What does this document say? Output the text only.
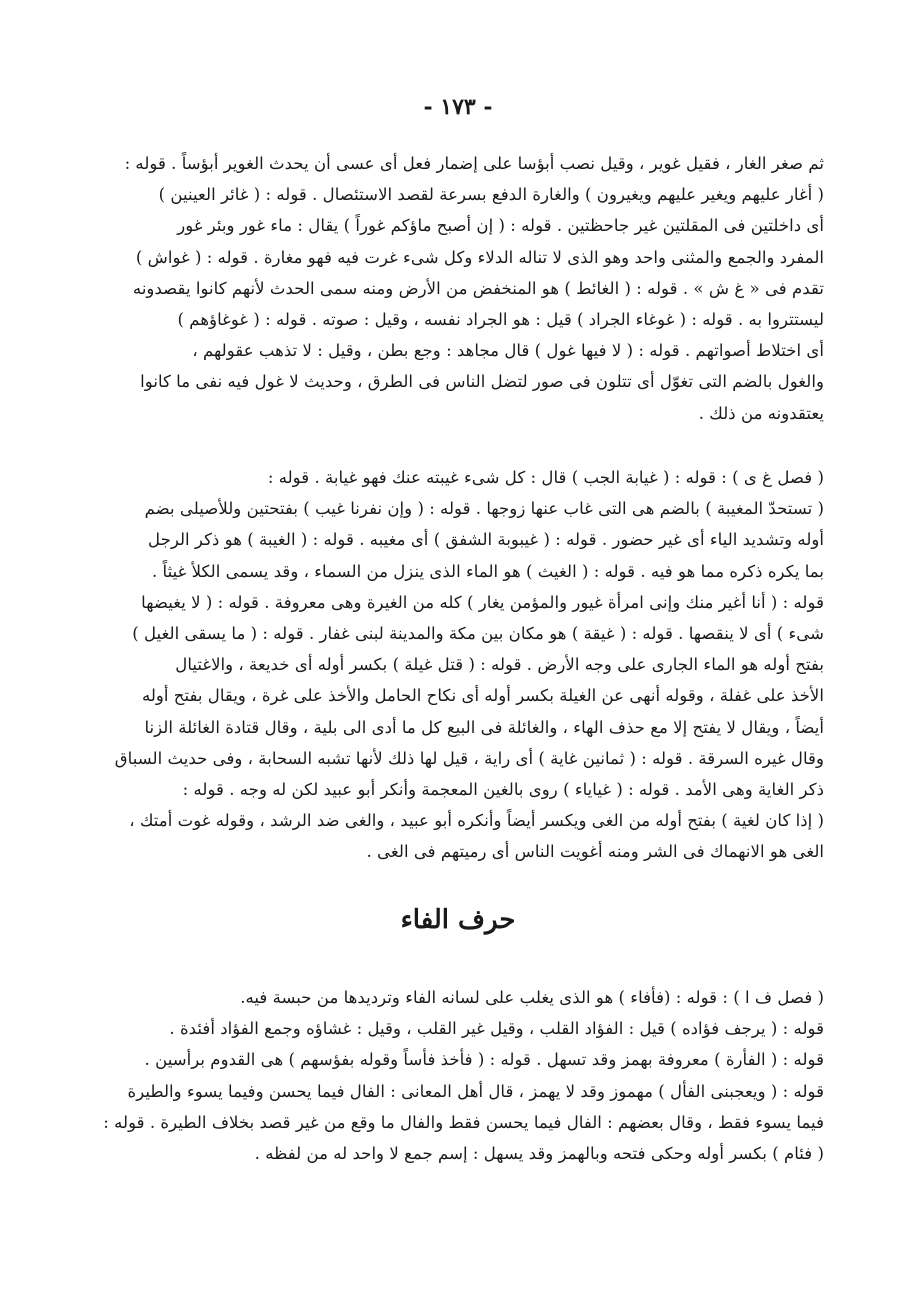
- ١٧٣ -
ثم صغر الغار ، فقيل غوير ، وقيل نصب أبؤسا على إضمار فعل أى عسى أن يحدث الغوير أبؤساً . قوله :
( أغار عليهم ويغير عليهم ويغيرون ) والغارة الدفع بسرعة لقصد الاستئصال . قوله : ( غائر العينين )
أى داخلتين فى المقلتين غير جاحظتين . قوله : ( إن أصبح ماؤكم غوراً ) يقال : ماء غور وبئر غور
المفرد والجمع والمثنى واحد وهو الذى لا تناله الدلاء وكل شىء غرت فيه فهو مغارة . قوله : ( غواش )
تقدم فى « غ ش » . قوله : ( الغائط ) هو المنخفض من الأرض ومنه سمى الحدث لأنهم كانوا يقصدونه
ليستتروا به . قوله : ( غوغاء الجراد ) قيل : هو الجراد نفسه ، وقيل : صوته . قوله : ( غوغاؤهم )
أى اختلاط أصواتهم . قوله : ( لا فيها غول ) قال مجاهد : وجع بطن ، وقيل : لا تذهب عقولهم ،
والغول بالضم التى تغوّل أى تتلون فى صور لتضل الناس فى الطرق ، وحديث لا غول فيه نفى ما كانوا
يعتقدونه من ذلك .
( فصل غ ى ) : قوله : ( غيابة الجب ) قال : كل شىء غيبته عنك فهو غيابة . قوله :
( تستحدّ المغيبة ) بالضم هى التى غاب عنها زوجها . قوله : ( وإن نفرنا غيب ) بفتحتين وللأصيلى بضم
أوله وتشديد الياء أى غير حضور . قوله : ( غيبوبة الشفق ) أى مغيبه . قوله : ( الغيبة ) هو ذكر الرجل
بما يكره ذكره مما هو فيه . قوله : ( الغيث ) هو الماء الذى ينزل من السماء ، وقد يسمى الكلأ غيثاً .
قوله : ( أنا أغير منك وإنى امرأة غيور والمؤمن يغار ) كله من الغيرة وهى معروفة . قوله : ( لا يغيضها
شىء ) أى لا ينقصها . قوله : ( غيقة ) هو مكان بين مكة والمدينة لبنى غفار . قوله : ( ما يسقى الغيل )
بفتح أوله هو الماء الجارى على وجه الأرض . قوله : ( قتل غيلة ) بكسر أوله أى خديعة ، والاغتيال
الأخذ على غفلة ، وقوله أنهى عن الغيلة بكسر أوله أى نكاح الحامل والأخذ على غرة ، ويقال بفتح أوله
أيضاً ، ويقال لا يفتح إلا مع حذف الهاء ، والغائلة فى البيع كل ما أدى الى بلية ، وقال قتادة الغائلة الزنا
وقال غيره السرقة . قوله : ( ثمانين غاية ) أى راية ، قيل لها ذلك لأنها تشبه السحابة ، وفى حديث السباق
ذكر الغاية وهى الأمد . قوله : ( غياياء ) روى بالغين المعجمة وأنكر أبو عبيد لكن له وجه . قوله :
( إذا كان لغية ) بفتح أوله من الغى ويكسر أيضاً وأنكره أبو عبيد ، والغى ضد الرشد ، وقوله غوت أمتك ،
الغى هو الانهماك فى الشر ومنه أغويت الناس أى رميتهم فى الغى .
حرف الفاء
( فصل ف ا ) : قوله : (فأفاء ) هو الذى يغلب على لسانه الفاء وترديدها من حبسة فيه.
قوله : ( يرجف فؤاده ) قيل : الفؤاد القلب ، وقيل غير القلب ، وقيل : غشاؤه وجمع الفؤاد أفئدة .
قوله : ( الفأرة ) معروفة بهمز وقد تسهل . قوله : ( فأخذ فأساً وقوله بفؤسهم ) هى القدوم برأسين .
قوله : ( ويعجبنى الفأل ) مهموز وقد لا يهمز ، قال أهل المعانى : الفال فيما يحسن وفيما يسوء والطيرة
فيما يسوء فقط ، وقال بعضهم : الفال فيما يحسن فقط والفال ما وقع من غير قصد بخلاف الطيرة . قوله :
( فئام ) بكسر أوله وحكى فتحه وبالهمز وقد يسهل : إسم جمع لا واحد له من لفظه .
